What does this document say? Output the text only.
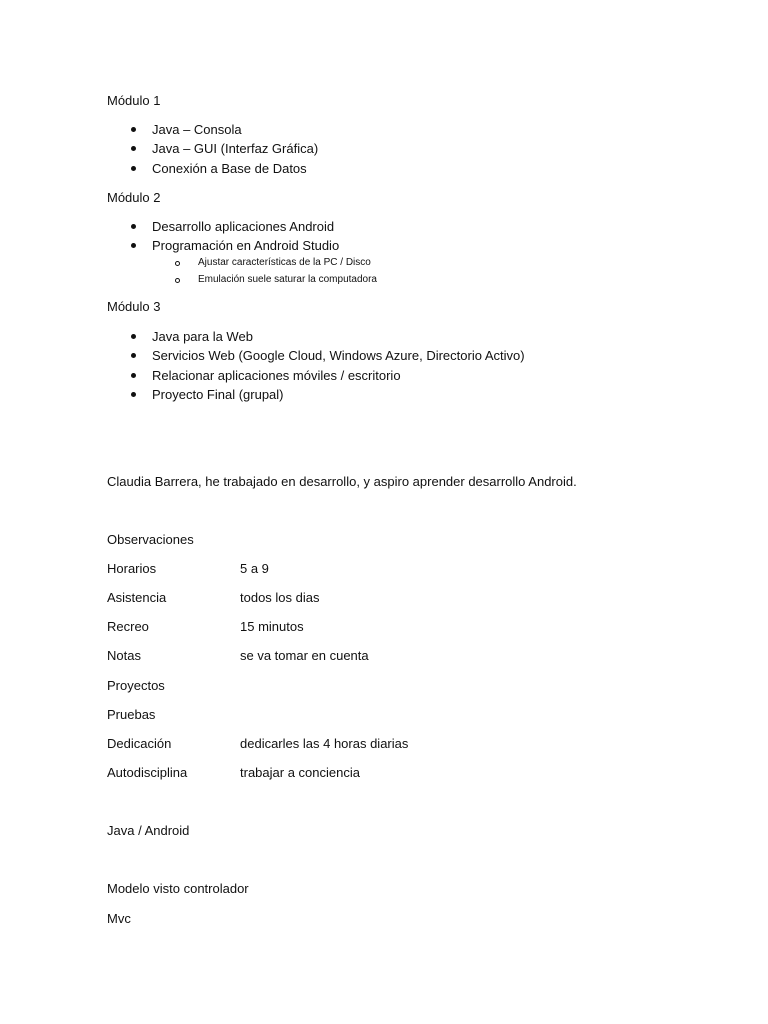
Módulo 1
Java – Consola
Java – GUI (Interfaz Gráfica)
Conexión a Base de Datos
Módulo 2
Desarrollo aplicaciones Android
Programación en Android Studio
Ajustar características de la PC / Disco
Emulación suele saturar la computadora
Módulo 3
Java para la Web
Servicios Web (Google Cloud, Windows Azure, Directorio Activo)
Relacionar aplicaciones móviles / escritorio
Proyecto Final (grupal)

Claudia Barrera, he trabajado en desarrollo, y aspiro aprender desarrollo Android.

Observaciones

Horarios	5 a 9
Asistencia	todos los dias
Recreo	15 minutos
Notas	se va tomar en cuenta
Proyectos
Pruebas
Dedicación	dedicarles las 4 horas diarias
Autodisciplina	trabajar a conciencia

Java / Android

Modelo visto controlador

Mvc
